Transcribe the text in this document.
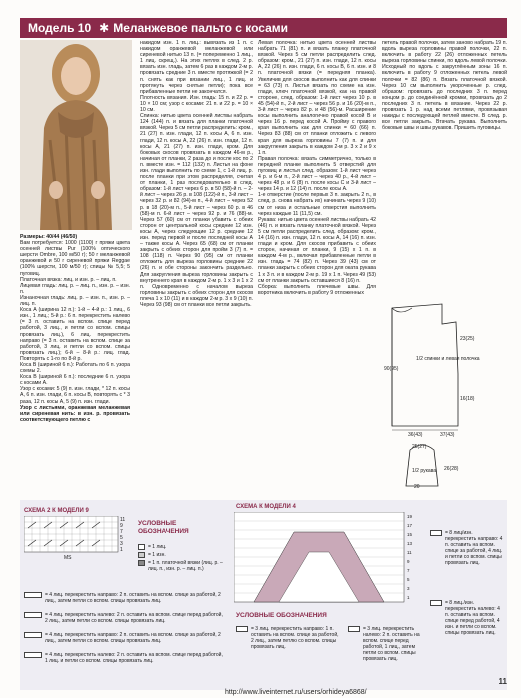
Модель 10 ✱ Меланжевое пальто с косами

Размеры: 40/44 (46/50)

Вам потребуется: 1000 (1100) г пряжи цвета осенней листвы Pur (100% оптического шерсти Ombre, 100 м/50 г); 50 г меланжевой оранжевой и 50 г сиреневой пряжи Reggae (100% шерсти, 100 м/50 г); спицы № 5,5; 5 пуговиц.

Платочная вязка: лиц. и изн. р. – лиц. п.

Лицевая гладь: лиц. р. – лиц. п., изн. р. – изн. п.

Изнаночная гладь: лиц. р. – изн. п., изн. р. – лиц. п.

Коса А (ширина 12 п.): 1-й – 4-й р.: 1 лиц., 6 изн., 1 лиц.; 5-й р.: 6 п. перекрестить налево (= 3 п. оставить на вспом. спице перед работой, 3 лиц., и петли со вспом. спицы провязать лиц.), 6 лиц. перекрестить направо (= 3 п. оставить на вспом. спице за работой, 3 лиц. и петли со вспом. спицы провязать лиц.); 6-й – 8-й р.: лиц. глад. Повторять с 1-го по 8-й р.

Коса В (шириной 6 п.): Работать по 6 п. узора схемы 2.

Коса В (шириной 6 п.): последние 6 п. узора с косами А.

Узор с косами: 5 (9) п. изн. глади, * 12 п. косы А, 6 п. изн. глади, 6 п. косы В, повторять с * 3 раза, 12 п. косы А, 5 (9) п. изн. глади.

Узор с листьями, оранжевая меланжевая или сиреневая нить: в изн. р. провязать соответствующего петлю с

накидом изн. 1 п. лиц.: вывязать из 1 п. с накидом оранжевой меланжевой или сиреневой нитью 13 п. (= попеременно 1 лиц., 1 лиц. скрещ.). На этих петлях в след. 2 р. вязать изн. гладь, затем 6 раз в каждом 2-м р. провязать средние 3 п. вместе протяжкой (= 2 п. снять как при вязании лиц., 1 лиц. и протянуть через снятые петли); пока все прибавленные петли не закончатся.

Плотность вязания. Изн. гладь: 15 п. и 22 р. = 10 × 10 см; узор с косами: 21 п. и 22 р. = 10 × 10 см.

Спинка: нитью цвета осенней листвы набрать 124 (144) п. и вязать для планки платочной вязкой. Через 5 см петли распределить: кром., 21 (27) п. изн. глади, 12 п. косы А, 6 п. изн. глади, 12 п. косы А, 22 (26) п. изн. глади, 12 п. косы А, 21 (27) п. изн. глади, кром. Для боковых скосов провязать в каждом 46-м р., начиная от планки, 2 раза до и после кос по 2 п. вместе изн. = 112 (132) п. Листья на фоне изн. глади выполнить по схеме 1, с 1-й лиц. р. после планки при этом распределяя, считая от планки, 1 раз последовательно в след. образом: 1-й лист через 6 р. в 50 (58)-й п. – 2-й лист – через 26 р. в 108 (122)-й п., 3-й лист – через 32 р. и 82 (94)-м п., 4-й лист – через 52 р. в 18 (20)-м п., 5-й лист – через 60 р. в 46 (58)-м п. 6-й лист – через 92 р. и 76 (88)-м. Через 57 (60) см от планки убавить с обеих сторон от центральной косы средние 12 изн. косы А, через следующие 12 р. средние 12 изн. перед первой и после последней косы А – также косы А. Через 65 (68) см от планки закрыть с обеих сторон для пройм 3 (7) п. = 108 (118) п. Через 90 (95) см от планки отложить для выреза горловины средние 22 (26) п. и обе стороны закончить раздельно. Для закругления выреза горловины закрыть с внутреннего края в каждом 2-м р. 1 х 3 и 1 х 2 п. Одновременно с началом выреза горловины закрыть с обеих сторон для скосов плеча 1 х 10 (11) и в каждом 2-м р. 3 х 9 (10) п. Через 93 (98) см от планки все петли закрыть.

Левая полочка: нитью цвета осенней листвы набрать 71 (81) п. и вязать планку платочной вязкой. Через 5 см петли распределить след. образом: кром., 21 (27) п. изн. глади, 12 п. косы А, 22 (26) п. изн. глади, 6 п. косы В, 6 п. изн. и 8 п. платочной вязки (= передняя планка). Увеличив для скосов выполнить как для спинки = 63 (73) п. Листья вязать по схеме на изн. глади, ключ платочной вязкой, как на правой стороне, след. образом: 1-й лист через 10 р. в 45 (54)-й п., 2-й лист – через 56 р. и 16 (20)-м п., 3-й лист – через 82 р. и 48 (56)-м. Расширение косы выполнить аналогично правой косой В и через 16 р. перед косой А. Пройму с правого края выполнить как для спинки = 60 (66) п. Через 83 (88) см от планки отложить с левого края для выреза горловины 7 (7) п. и для закругления закрыть в каждом 2-м р. 3 х 2 и 9 х 1 п.

Правая полочка: вязать симметрично, только в передней планке выполнить 5 отверстий для пуговиц и листья след. образом: 1-й лист через 4 р. и 6-м п., 2-й лист – через 40 р., 4-й лист – через 48 р. и 6 (8) п. после косы С и 3-й лист – через 14 р. и 12 (14) п. после косы А.

1-е отверстие (после первых 3 п. закрыть 2 п., в след. р. снова набрать их) начинать через 9 (10) см от низа и остальные отверстия выполнить через каждые 11 (11,5) см.

Рукава: нитью цвета осенней листвы набрать 42 (46) п. и вязать планку платочной вязкой. Через 5 см петли распределить след. образом: кром., 14 (16) п. изн. глади, 12 п. косы А, 14 (16) п. изн. глади и кром. Для скосов прибавить с обеих сторон, начиная от планки, 9 (15) х 1 п. в каждом 4-м р., включая прибавленные петли в изн. гладь = 74 (82) п. Через 39 (43) см от планки закрыть с обеих сторон для оката рукава 1 х 3 п. и в каждом 2-м р. 19 х 1 п. Через 49 (53) см от планки закрыть оставшиеся 8 (16) п.

Сборка: выполнить плечевые швы. Для воротника включить в работу 9 отложенных

петель правой полочки, затем заново набрать 19 п. вдоль выреза горловины правой полочки, 22 п. включить в работу 22 (26) отложенных петель выреза горловины спинки, по вдоль левой полочки. Исходный по вдоль с закруглённым зоны 16 п. включить в работу 9 отложенных петель левой полочки = 82 (86) п. Вязать платочной вязкой. Через 10 см выполнить укороченные р. след. образом: провязать до последних 3 п. перед концом р. до соединённой кромки, провязать до 2 последних 3 п. петель в вязание. Через 22 р. провязать 1 р. над всеми петлями, провязывая накиды с последующей петлей вместе. В след. р. все петли закрыть. Втачать рукава. Выполнить боковые швы и швы рукавов. Пришить пуговицы.

1/2 спинки и левая полочка
90(95)
23(25)
16(18)
36(43)	37(43)
1/2 рукава
25(27)
26(28)
20
СХЕМА 2 К МОДЕЛИ 9
11
9
7
5
3
1
MS
УСЛОВНЫЕ ОБОЗНАЧЕНИЯ
= 1 лиц.
= 1 изн.
= 1 п. платочной вязки (лиц. р. – лиц. п., изн. р. – лиц. п.)
= 4 лиц. перекрестить направо: 2 п. оставить на вспом. спице за работой, 2 лиц., затем петли со вспом. спицы провязать лиц.
= 4 лиц. перекрестить налево: 2 п. оставить на вспом. спице перед работой, 2 лиц., затем петли со вспом. спицы провязать лиц.
= 4 лиц. перекрестить направо: 2 п. оставить на вспом. спице за работой, 2 лиц., затем петли со вспом. спицы провязать лиц.
= 4 лиц. перекрестить налево: 2 п. оставить на вспом. спице перед работой, 1 лиц. и петли со вспом. спицы провязать лиц.
СХЕМА К МОДЕЛИ 4
19
17
15
13
11
9
7
5
3
1
УСЛОВНЫЕ ОБОЗНАЧЕНИЯ
= 3 лиц. перекрестить направо: 1 п. оставить на вспом. спице за работой, 2 лиц., затем петлю со вспом. спицы провязать лиц.
= 3 лиц. перекрестить налево: 2 п. оставить на вспом. спице перед работой, 1 лиц., затем петли со вспом. спицы провязать лиц.
= 8 лиц/изн. перекрестить направо: 4 п. оставить на вспом. спице за работой, 4 лиц. и петли со вспом. спицы провязать лиц.
= 8 лиц./изн. перекрестить налево: 4 п. оставить на вспом. спице перед работой, 4 изн. и петли со вспом. спицы провязать лиц.
11
http://www.liveinternet.ru/users/orhideya6868/
